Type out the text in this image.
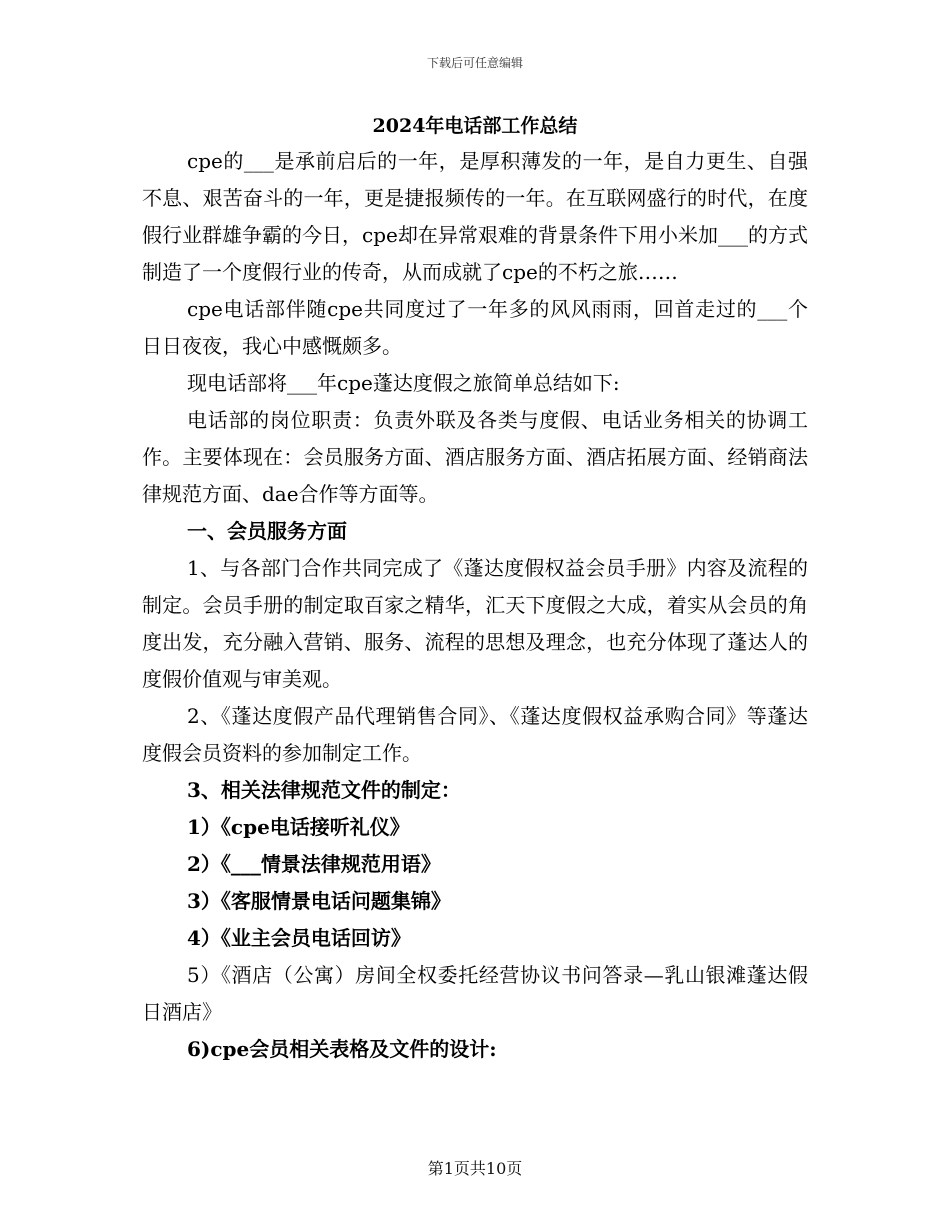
下载后可任意编辑
2024年电话部工作总结

cpe的___是承前启后的一年，是厚积薄发的一年，是自力更生、自强不息、艰苦奋斗的一年，更是捷报频传的一年。在互联网盛行的时代，在度假行业群雄争霸的今日，cpe却在异常艰难的背景条件下用小米加___的方式制造了一个度假行业的传奇，从而成就了cpe的不朽之旅……

cpe电话部伴随cpe共同度过了一年多的风风雨雨，回首走过的___个日日夜夜，我心中感慨颇多。

现电话部将___年cpe蓬达度假之旅简单总结如下:

电话部的岗位职责：负责外联及各类与度假、电话业务相关的协调工作。主要体现在：会员服务方面、酒店服务方面、酒店拓展方面、经销商法律规范方面、dae合作等方面等。

一、会员服务方面

1、与各部门合作共同完成了《蓬达度假权益会员手册》内容及流程的制定。会员手册的制定取百家之精华，汇天下度假之大成，着实从会员的角度出发，充分融入营销、服务、流程的思想及理念，也充分体现了蓬达人的度假价值观与审美观。

2、《蓬达度假产品代理销售合同》、《蓬达度假权益承购合同》等蓬达度假会员资料的参加制定工作。

3、相关法律规范文件的制定：

1）《cpe电话接听礼仪》

2）《___情景法律规范用语》

3）《客服情景电话问题集锦》

4）《业主会员电话回访》

5）《酒店（公寓）房间全权委托经营协议书问答录—乳山银滩蓬达假日酒店》

6)cpe会员相关表格及文件的设计:

第1页共10页
